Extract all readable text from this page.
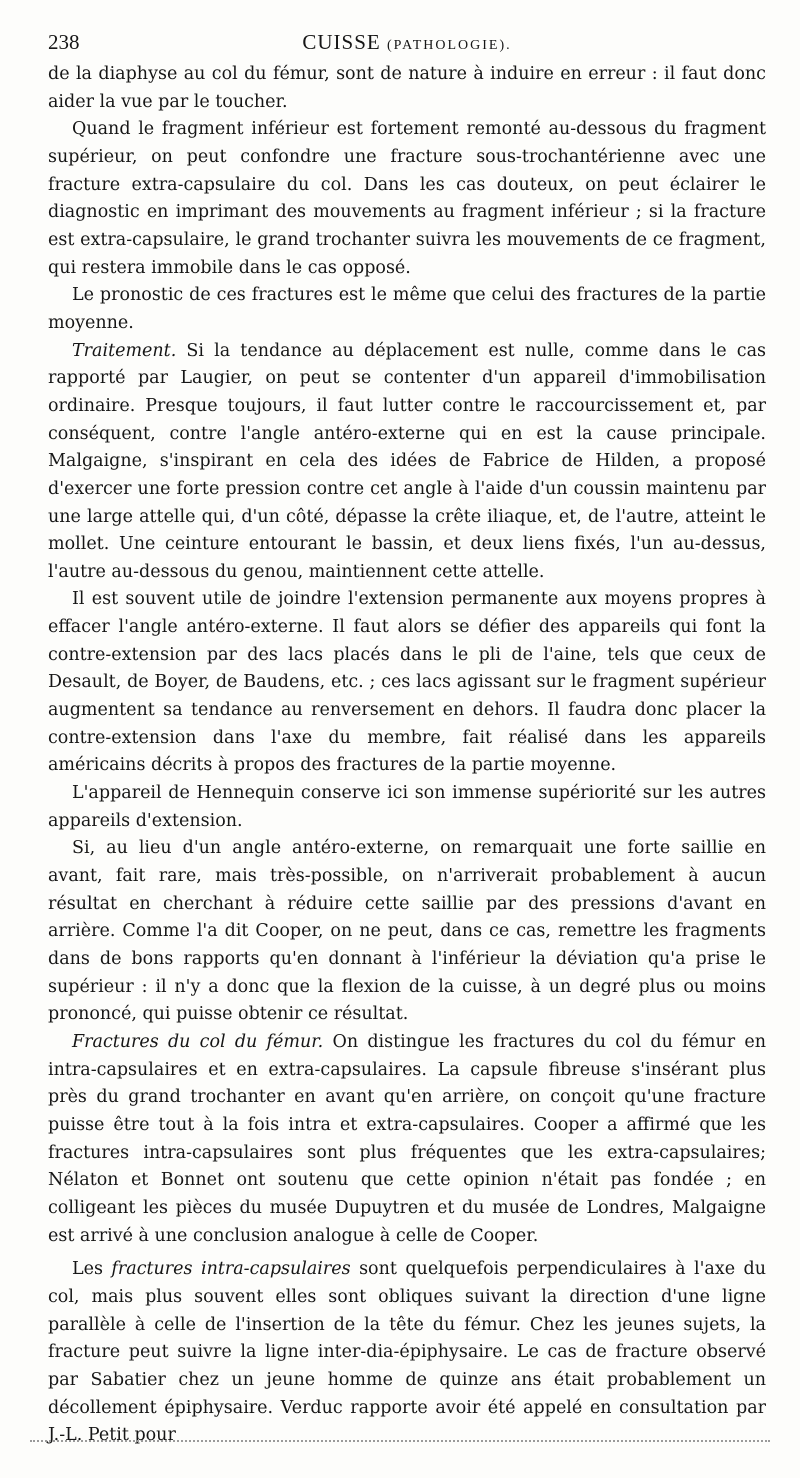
238	CUISSE (PATHOLOGIE).

de la diaphyse au col du fémur, sont de nature à induire en erreur : il faut donc aider la vue par le toucher.

Quand le fragment inférieur est fortement remonté au-dessous du fragment supérieur, on peut confondre une fracture sous-trochantérienne avec une fracture extra-capsulaire du col. Dans les cas douteux, on peut éclairer le diagnostic en imprimant des mouvements au fragment inférieur ; si la fracture est extra-capsulaire, le grand trochanter suivra les mouvements de ce fragment, qui restera immobile dans le cas opposé.

Le pronostic de ces fractures est le même que celui des fractures de la partie moyenne.

Traitement. Si la tendance au déplacement est nulle, comme dans le cas rapporté par Laugier, on peut se contenter d'un appareil d'immobilisation ordinaire. Presque toujours, il faut lutter contre le raccourcissement et, par conséquent, contre l'angle antéro-externe qui en est la cause principale. Malgaigne, s'inspirant en cela des idées de Fabrice de Hilden, a proposé d'exercer une forte pression contre cet angle à l'aide d'un coussin maintenu par une large attelle qui, d'un côté, dépasse la crête iliaque, et, de l'autre, atteint le mollet. Une ceinture entourant le bassin, et deux liens fixés, l'un au-dessus, l'autre au-dessous du genou, maintiennent cette attelle.

Il est souvent utile de joindre l'extension permanente aux moyens propres à effacer l'angle antéro-externe. Il faut alors se défier des appareils qui font la contre-extension par des lacs placés dans le pli de l'aine, tels que ceux de Desault, de Boyer, de Baudens, etc. ; ces lacs agissant sur le fragment supérieur augmentent sa tendance au renversement en dehors. Il faudra donc placer la contre-extension dans l'axe du membre, fait réalisé dans les appareils américains décrits à propos des fractures de la partie moyenne.

L'appareil de Hennequin conserve ici son immense supériorité sur les autres appareils d'extension.

Si, au lieu d'un angle antéro-externe, on remarquait une forte saillie en avant, fait rare, mais très-possible, on n'arriverait probablement à aucun résultat en cherchant à réduire cette saillie par des pressions d'avant en arrière. Comme l'a dit Cooper, on ne peut, dans ce cas, remettre les fragments dans de bons rapports qu'en donnant à l'inférieur la déviation qu'a prise le supérieur : il n'y a donc que la flexion de la cuisse, à un degré plus ou moins prononcé, qui puisse obtenir ce résultat.

Fractures du col du fémur. On distingue les fractures du col du fémur en intra-capsulaires et en extra-capsulaires. La capsule fibreuse s'insérant plus près du grand trochanter en avant qu'en arrière, on conçoit qu'une fracture puisse être tout à la fois intra et extra-capsulaires. Cooper a affirmé que les fractures intra-capsulaires sont plus fréquentes que les extra-capsulaires; Nélaton et Bonnet ont soutenu que cette opinion n'était pas fondée ; en colligeant les pièces du musée Dupuytren et du musée de Londres, Malgaigne est arrivé à une conclusion analogue à celle de Cooper.

Les fractures intra-capsulaires sont quelquefois perpendiculaires à l'axe du col, mais plus souvent elles sont obliques suivant la direction d'une ligne parallèle à celle de l'insertion de la tête du fémur. Chez les jeunes sujets, la fracture peut suivre la ligne inter-dia-épiphysaire. Le cas de fracture observé par Sabatier chez un jeune homme de quinze ans était probablement un décollement épiphysaire. Verduc rapporte avoir été appelé en consultation par J.-L. Petit pour
